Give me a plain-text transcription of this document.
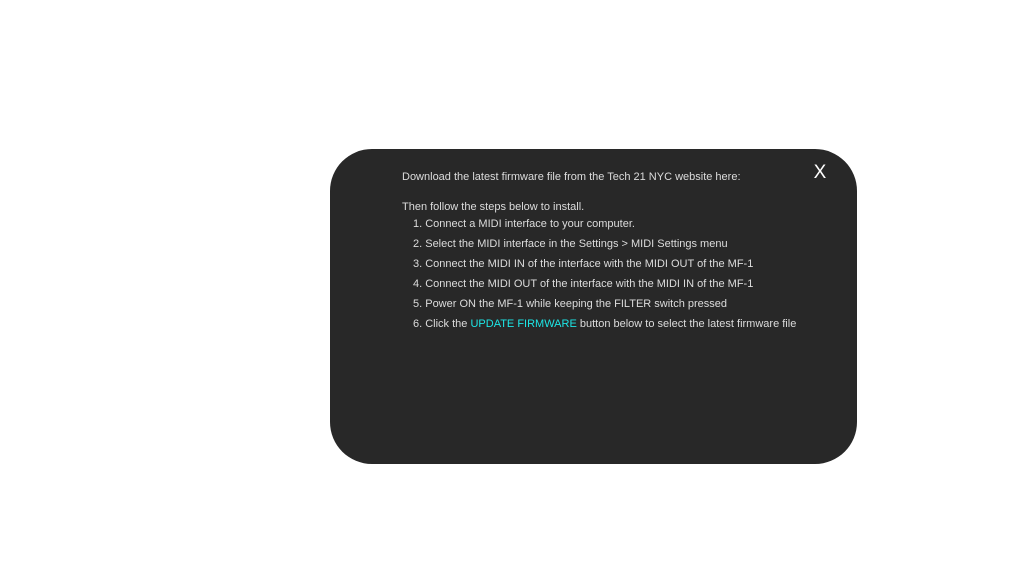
X

Download the latest firmware file from the Tech 21 NYC website here:

Then follow the steps below to install.

1. Connect a MIDI interface to your computer.
2. Select the MIDI interface in the Settings > MIDI Settings menu
3. Connect the MIDI IN of the interface with the MIDI OUT of the MF-1
4. Connect the MIDI OUT of the interface with the MIDI IN of the MF-1
5. Power ON the MF-1 while keeping the FILTER switch pressed
6. Click the UPDATE FIRMWARE button below to select the latest firmware file
